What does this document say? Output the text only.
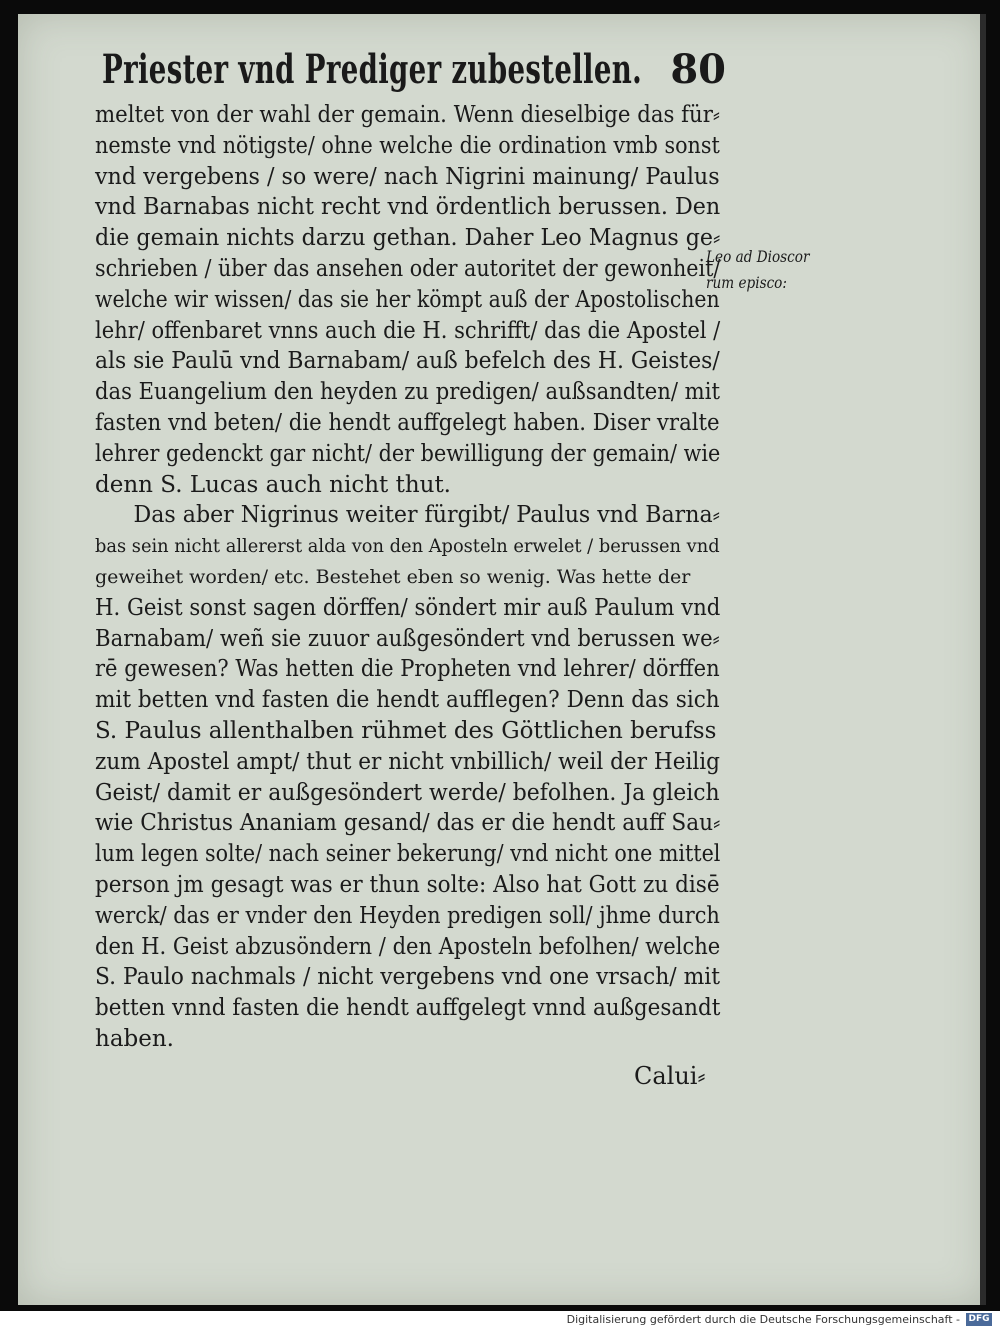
Priester vnd Prediger zubestellen. 80
meltet von der wahl der gemain. Wenn dieselbige das für⸗
nemste vnd nötigste/ ohne welche die ordination vmb sonst
vnd vergebens / so were/ nach Nigrini mainung/ Paulus
vnd Barnabas nicht recht vnd ördentlich berussen. Den
die gemain nichts darzu gethan. Daher Leo Magnus ge⸗
schrieben / über das ansehen oder autoritet der gewonheit/
welche wir wissen/ das sie her kömpt auß der Apostolischen
lehr/ offenbaret vnns auch die H. schrifft/ das die Apostel /
als sie Paulū vnd Barnabam/ auß befelch des H. Geistes/
das Euangelium den heyden zu predigen/ außsandten/ mit
fasten vnd beten/ die hendt auffgelegt haben. Diser vralte
lehrer gedenckt gar nicht/ der bewilligung der gemain/ wie
denn S. Lucas auch nicht thut.
Das aber Nigrinus weiter fürgibt/ Paulus vnd Barna⸗
bas sein nicht allererst alda von den Aposteln erwelet / berussen vnd
geweihet worden/ etc. Bestehet eben so wenig. Was hette der
H. Geist sonst sagen dörffen/ söndert mir auß Paulum vnd
Barnabam/ weñ sie zuuor außgesöndert vnd berussen we⸗
rē gewesen? Was hetten die Propheten vnd lehrer/ dörffen
mit betten vnd fasten die hendt aufflegen? Denn das sich
S. Paulus allenthalben rühmet des Göttlichen berufss
zum Apostel ampt/ thut er nicht vnbillich/ weil der Heilig
Geist/ damit er außgesöndert werde/ befolhen. Ja gleich
wie Christus Ananiam gesand/ das er die hendt auff Sau⸗
lum legen solte/ nach seiner bekerung/ vnd nicht one mittel
person jm gesagt was er thun solte: Also hat Gott zu disē
werck/ das er vnder den Heyden predigen soll/ jhme durch
den H. Geist abzusöndern / den Aposteln befolhen/ welche
S. Paulo nachmals / nicht vergebens vnd one vrsach/ mit
betten vnnd fasten die hendt auffgelegt vnnd außgesandt
haben.
Leo ad Dioscor
rum episco:
Calui⸗
Digitalisierung gefördert durch die Deutsche Forschungsgemeinschaft - DFG
